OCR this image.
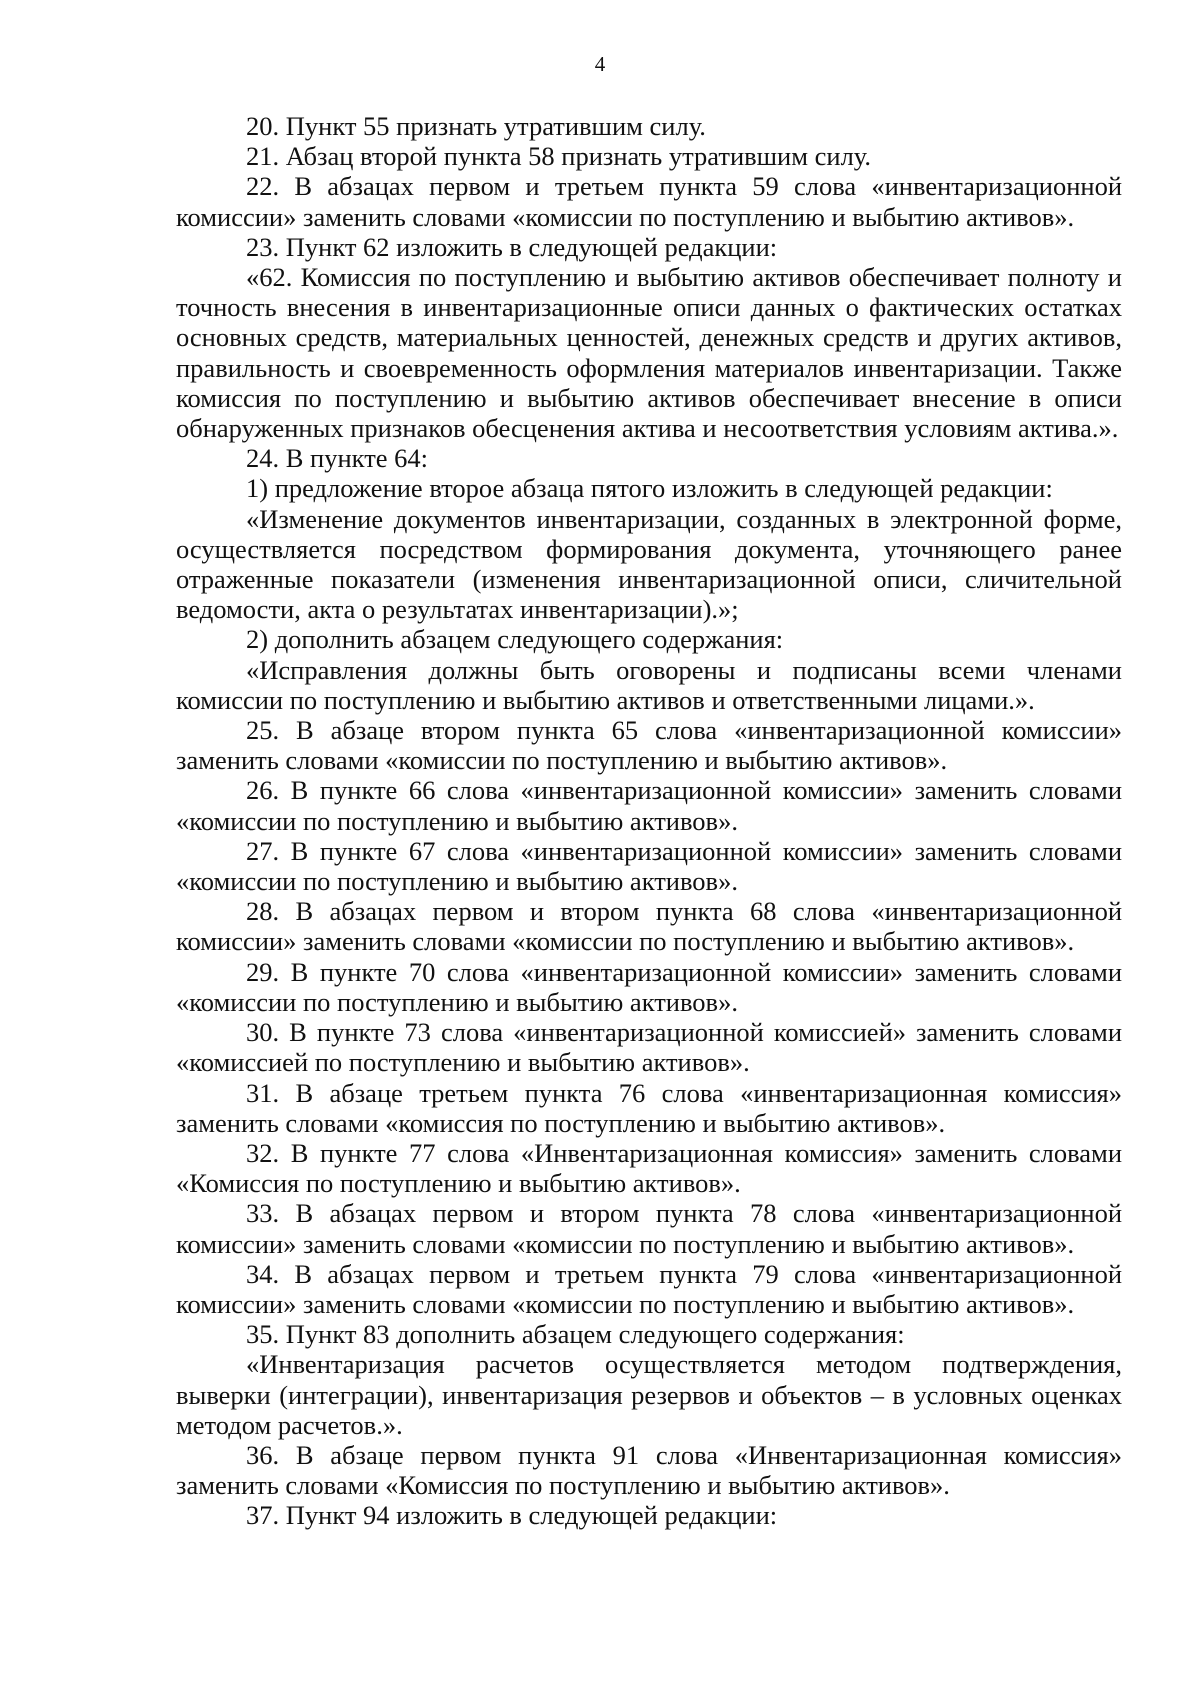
4

20. Пункт 55 признать утратившим силу.

21. Абзац второй пункта 58 признать утратившим силу.

22. В абзацах первом и третьем пункта 59 слова «инвентаризационной комиссии» заменить словами «комиссии по поступлению и выбытию активов».

23. Пункт 62 изложить в следующей редакции:

«62. Комиссия по поступлению и выбытию активов обеспечивает полноту и точность внесения в инвентаризационные описи данных о фактических остатках основных средств, материальных ценностей, денежных средств и других активов, правильность и своевременность оформления материалов инвентаризации. Также комиссия по поступлению и выбытию активов обеспечивает внесение в описи обнаруженных признаков обесценения актива и несоответствия условиям актива.».

24. В пункте 64:

1) предложение второе абзаца пятого изложить в следующей редакции:

«Изменение документов инвентаризации, созданных в электронной форме, осуществляется посредством формирования документа, уточняющего ранее отраженные показатели (изменения инвентаризационной описи, сличительной ведомости, акта о результатах инвентаризации).»;

2) дополнить абзацем следующего содержания:

«Исправления должны быть оговорены и подписаны всеми членами комиссии по поступлению и выбытию активов и ответственными лицами.».

25. В абзаце втором пункта 65 слова «инвентаризационной комиссии» заменить словами «комиссии по поступлению и выбытию активов».

26. В пункте 66 слова «инвентаризационной комиссии» заменить словами «комиссии по поступлению и выбытию активов».

27. В пункте 67 слова «инвентаризационной комиссии» заменить словами «комиссии по поступлению и выбытию активов».

28. В абзацах первом и втором пункта 68 слова «инвентаризационной комиссии» заменить словами «комиссии по поступлению и выбытию активов».

29. В пункте 70 слова «инвентаризационной комиссии» заменить словами «комиссии по поступлению и выбытию активов».

30. В пункте 73 слова «инвентаризационной комиссией» заменить словами «комиссией по поступлению и выбытию активов».

31. В абзаце третьем пункта 76 слова «инвентаризационная комиссия» заменить словами «комиссия по поступлению и выбытию активов».

32. В пункте 77 слова «Инвентаризационная комиссия» заменить словами «Комиссия по поступлению и выбытию активов».

33. В абзацах первом и втором пункта 78 слова «инвентаризационной комиссии» заменить словами «комиссии по поступлению и выбытию активов».

34. В абзацах первом и третьем пункта 79 слова «инвентаризационной комиссии» заменить словами «комиссии по поступлению и выбытию активов».

35. Пункт 83 дополнить абзацем следующего содержания:

«Инвентаризация расчетов осуществляется методом подтверждения, выверки (интеграции), инвентаризация резервов и объектов – в условных оценках методом расчетов.».

36. В абзаце первом пункта 91 слова «Инвентаризационная комиссия» заменить словами «Комиссия по поступлению и выбытию активов».

37. Пункт 94 изложить в следующей редакции:
